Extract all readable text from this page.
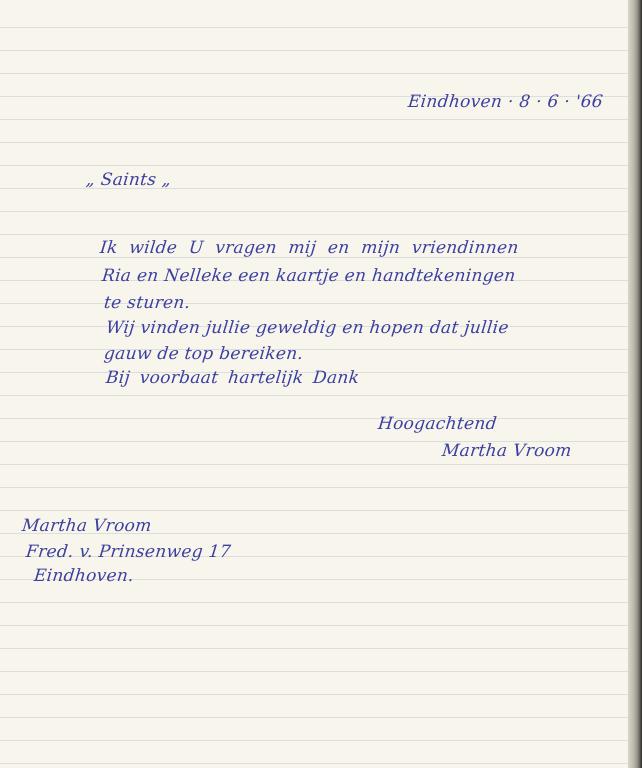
Eindhoven · 8 · 6 · '66
„ Saints „
Ik wilde U vragen mij en mijn vriendinnen
Ria en Nelleke een kaartje en handtekeningen
te sturen.
Wij vinden jullie geweldig en hopen dat jullie
gauw de top bereiken.
Bij voorbaat hartelijk Dank
Hoogachtend
Martha Vroom
Martha Vroom
Fred. v. Prinsenweg 17
Eindhoven.
